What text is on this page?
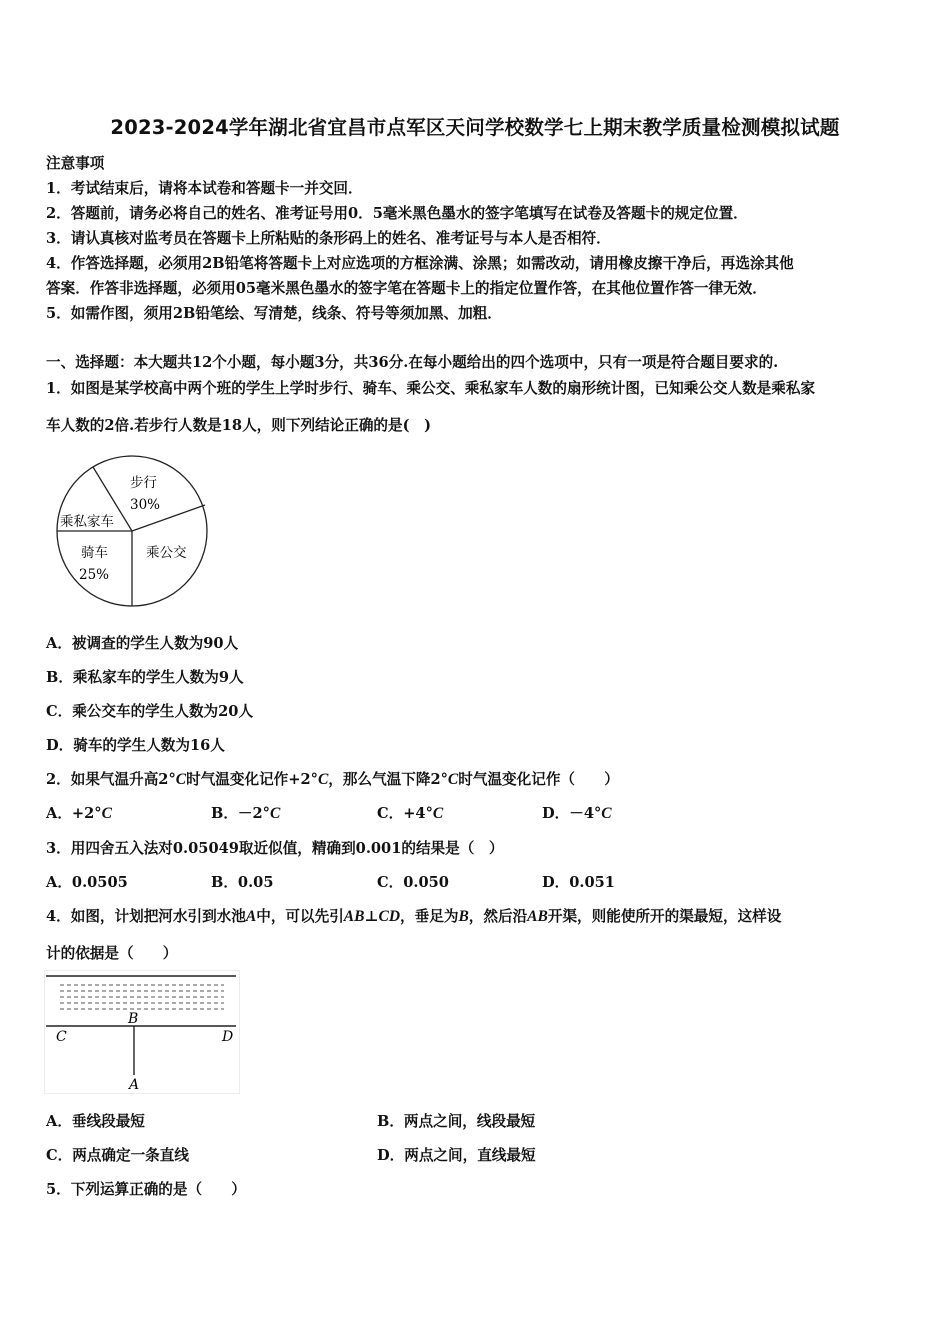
2023-2024学年湖北省宜昌市点军区天问学校数学七上期末教学质量检测模拟试题
注意事项
1．考试结束后，请将本试卷和答题卡一并交回．
2．答题前，请务必将自己的姓名、准考证号用0．5毫米黑色墨水的签字笔填写在试卷及答题卡的规定位置．
3．请认真核对监考员在答题卡上所粘贴的条形码上的姓名、准考证号与本人是否相符．
4．作答选择题，必须用2B铅笔将答题卡上对应选项的方框涂满、涂黑；如需改动，请用橡皮擦干净后，再选涂其他
答案．作答非选择题，必须用05毫米黑色墨水的签字笔在答题卡上的指定位置作答，在其他位置作答一律无效．
5．如需作图，须用2B铅笔绘、写清楚，线条、符号等须加黑、加粗．
一、选择题：本大题共12个小题，每小题3分，共36分.在每小题给出的四个选项中，只有一项是符合题目要求的.
1．如图是某学校高中两个班的学生上学时步行、骑车、乘公交、乘私家车人数的扇形统计图，已知乘公交人数是乘私家
车人数的2倍.若步行人数是18人，则下列结论正确的是(　)
步行
30%
乘私家车
骑车
25%
乘公交
A．被调查的学生人数为90人
B．乘私家车的学生人数为9人
C．乘公交车的学生人数为20人
D．骑车的学生人数为16人
2．如果气温升高2°C时气温变化记作+2°C，那么气温下降2°C时气温变化记作（　　）
A．+2°C	B．－2°C	C．+4°C	D．－4°C
3．用四舍五入法对0.05049取近似值，精确到0.001的结果是（　）
A．0.0505	B．0.05	C．0.050	D．0.051
4．如图，计划把河水引到水池A中，可以先引AB⊥CD，垂足为B，然后沿AB开渠，则能使所开的渠最短，这样设
计的依据是（　　）
C
B
D
A
A．垂线段最短	B．两点之间，线段最短
C．两点确定一条直线	D．两点之间，直线最短
5．下列运算正确的是（　　）
